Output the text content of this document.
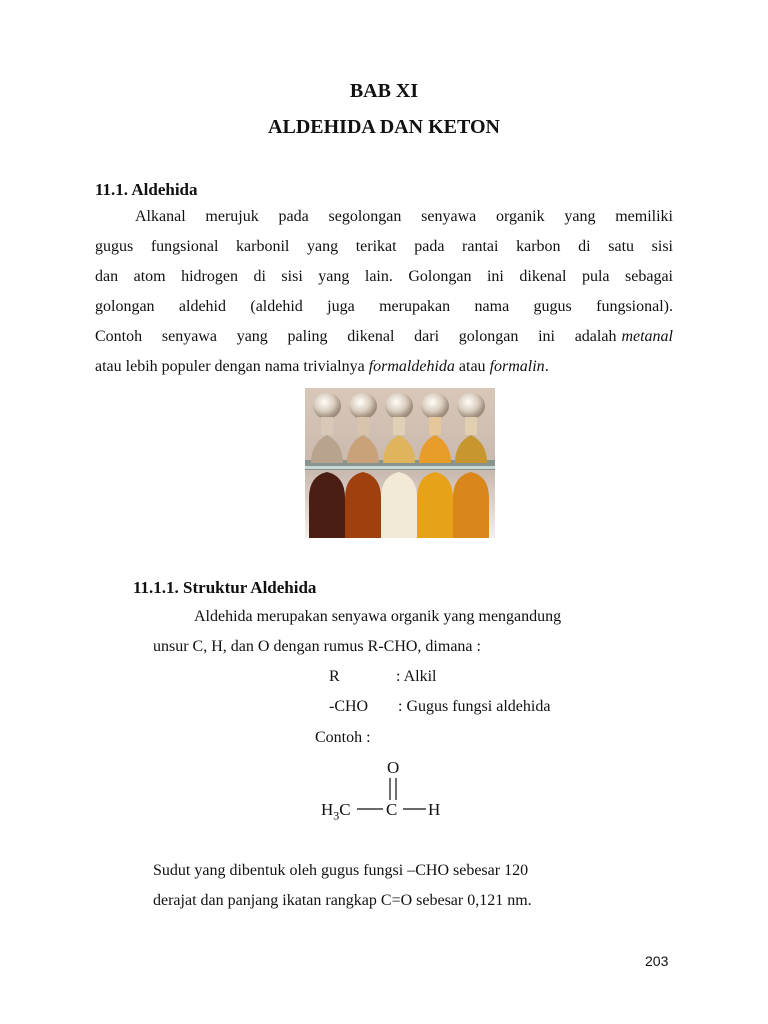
BAB XI
ALDEHIDA DAN KETON
11.1. Aldehida
Alkanal merujuk pada segolongan senyawa organik yang memiliki
gugus fungsional karbonil yang terikat pada rantai karbon di satu sisi
dan atom hidrogen di sisi yang lain. Golongan ini dikenal pula sebagai
golongan aldehid (aldehid juga merupakan nama gugus fungsional).
Contoh senyawa yang paling dikenal dari golongan ini adalah metanal
atau lebih populer dengan nama trivialnya formaldehida atau formalin.
11.1.1. Struktur Aldehida
Aldehida merupakan senyawa organik yang mengandung
unsur C, H, dan O dengan rumus R-CHO, dimana :
R	: Alkil
-CHO : Gugus fungsi aldehida
Contoh :
O
$H_3C$ C H
Sudut yang dibentuk oleh gugus fungsi –CHO sebesar 120
derajat dan panjang ikatan rangkap C=O sebesar 0,121 nm.
203
